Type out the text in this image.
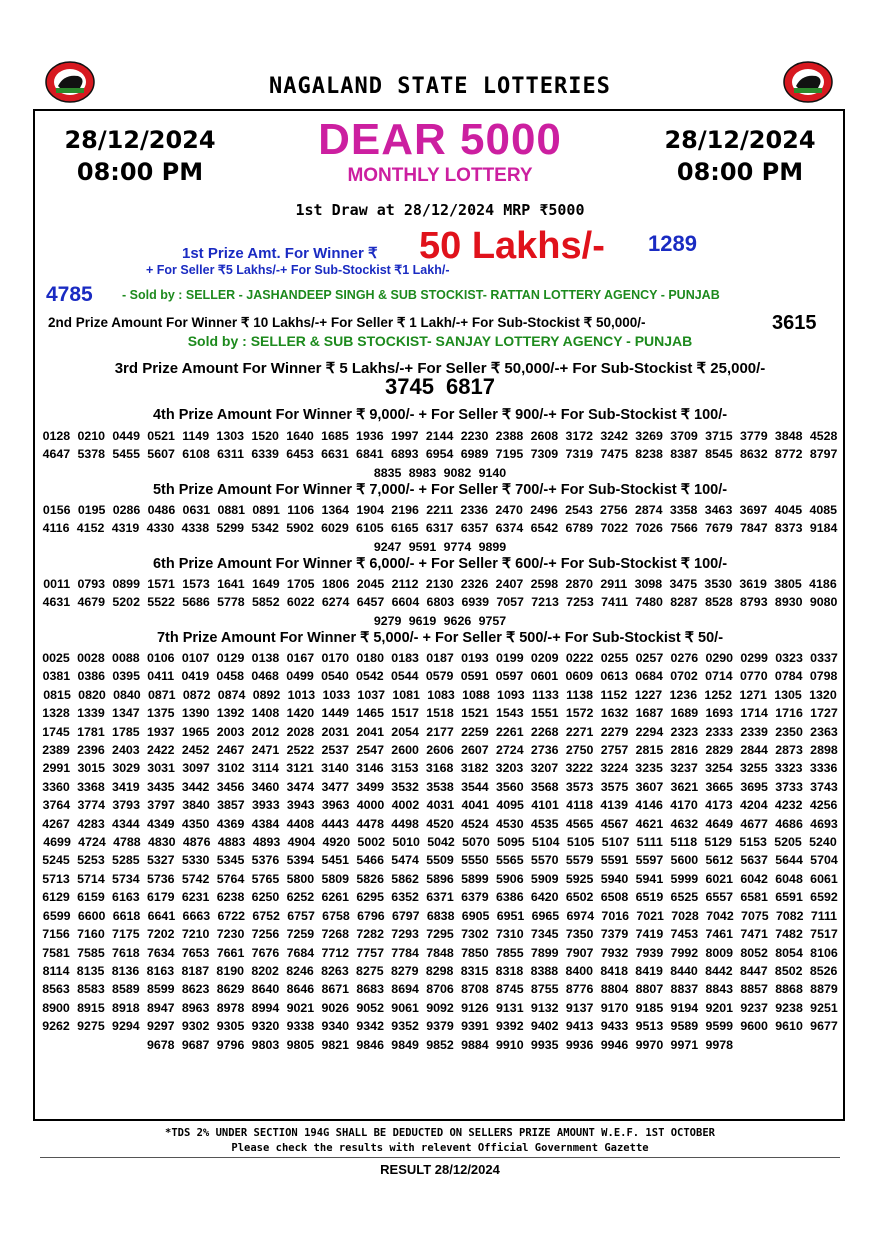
NAGALAND STATE LOTTERIES
28/12/2024
08:00 PM
28/12/2024
08:00 PM
DEAR 5000
MONTHLY LOTTERY
1st Draw at 28/12/2024 MRP ₹5000
1st Prize Amt. For Winner ₹ 50 Lakhs/- 1289
+ For Seller ₹5 Lakhs/-+ For Sub-Stockist ₹1 Lakh/-
4785 - Sold by : SELLER - JASHANDEEP SINGH & SUB STOCKIST- RATTAN LOTTERY AGENCY - PUNJAB
2nd Prize Amount For Winner ₹ 10 Lakhs/-+ For Seller ₹ 1 Lakh/-+ For Sub-Stockist ₹ 50,000/-	3615
Sold by : SELLER & SUB STOCKIST- SANJAY LOTTERY AGENCY - PUNJAB
3rd Prize Amount For Winner ₹ 5 Lakhs/-+ For Seller ₹ 50,000/-+ For Sub-Stockist ₹ 25,000/-
3745 6817
4th Prize Amount For Winner ₹ 9,000/- + For Seller ₹ 900/-+ For Sub-Stockist ₹ 100/-
0128 0210 0449 0521 1149 1303 1520 1640 1685 1936 1997 2144 2230 2388 2608 3172 3242 3269 3709 3715 3779 3848 4528 4647 5378 5455 5607 6108 6311 6339 6453 6631 6841 6893 6954 6989 7195 7309 7319 7475 8238 8387 8545 8632 8772 8797 8835 8983 9082 9140
5th Prize Amount For Winner ₹ 7,000/- + For Seller ₹ 700/-+ For Sub-Stockist ₹ 100/-
0156 0195 0286 0486 0631 0881 0891 1106 1364 1904 2196 2211 2336 2470 2496 2543 2756 2874 3358 3463 3697 4045 4085 4116 4152 4319 4330 4338 5299 5342 5902 6029 6105 6165 6317 6357 6374 6542 6789 7022 7026 7566 7679 7847 8373 9184 9247 9591 9774 9899
6th Prize Amount For Winner ₹ 6,000/- + For Seller ₹ 600/-+ For Sub-Stockist ₹ 100/-
0011 0793 0899 1571 1573 1641 1649 1705 1806 2045 2112 2130 2326 2407 2598 2870 2911 3098 3475 3530 3619 3805 4186 4631 4679 5202 5522 5686 5778 5852 6022 6274 6457 6604 6803 6939 7057 7213 7253 7411 7480 8287 8528 8793 8930 9080 9279 9619 9626 9757
7th Prize Amount For Winner ₹ 5,000/- + For Seller ₹ 500/-+ For Sub-Stockist ₹ 50/-
0025 0028 0088 0106 0107 0129 0138 0167 0170 0180 0183 0187 0193 0199 0209 0222 0255 0257 0276 0290 0299 0323 0337 0381 0386 0395 0411 0419 0458 0468 0499 0540 0542 0544 0579 0591 0597 0601 0609 0613 0684 0702 0714 0770 0784 0798 0815 0820 0840 0871 0872 0874 0892 1013 1033 1037 1081 1083 1088 1093 1133 1138 1152 1227 1236 1252 1271 1305 1320 1328 1339 1347 1375 1390 1392 1408 1420 1449 1465 1517 1518 1521 1543 1551 1572 1632 1687 1689 1693 1714 1716 1727 1745 1781 1785 1937 1965 2003 2012 2028 2031 2041 2054 2177 2259 2261 2268 2271 2279 2294 2323 2333 2339 2350 2363 2389 2396 2403 2422 2452 2467 2471 2522 2537 2547 2600 2606 2607 2724 2736 2750 2757 2815 2816 2829 2844 2873 2898 2991 3015 3029 3031 3097 3102 3114 3121 3140 3146 3153 3168 3182 3203 3207 3222 3224 3235 3237 3254 3255 3323 3336 3360 3368 3419 3435 3442 3456 3460 3474 3477 3499 3532 3538 3544 3560 3568 3573 3575 3607 3621 3665 3695 3733 3743 3764 3774 3793 3797 3840 3857 3933 3943 3963 4000 4002 4031 4041 4095 4101 4118 4139 4146 4170 4173 4204 4232 4256 4267 4283 4344 4349 4350 4369 4384 4408 4443 4478 4498 4520 4524 4530 4535 4565 4567 4621 4632 4649 4677 4686 4693 4699 4724 4788 4830 4876 4883 4893 4904 4920 5002 5010 5042 5070 5095 5104 5105 5107 5111 5118 5129 5153 5205 5240 5245 5253 5285 5327 5330 5345 5376 5394 5451 5466 5474 5509 5550 5565 5570 5579 5591 5597 5600 5612 5637 5644 5704 5713 5714 5734 5736 5742 5764 5765 5800 5809 5826 5862 5896 5899 5906 5909 5925 5940 5941 5999 6021 6042 6048 6061 6129 6159 6163 6179 6231 6238 6250 6252 6261 6295 6352 6371 6379 6386 6420 6502 6508 6519 6525 6557 6581 6591 6592 6599 6600 6618 6641 6663 6722 6752 6757 6758 6796 6797 6838 6905 6951 6965 6974 7016 7021 7028 7042 7075 7082 7111 7156 7160 7175 7202 7210 7230 7256 7259 7268 7282 7293 7295 7302 7310 7345 7350 7379 7419 7453 7461 7471 7482 7517 7581 7585 7618 7634 7653 7661 7676 7684 7712 7757 7784 7848 7850 7855 7899 7907 7932 7939 7992 8009 8052 8054 8106 8114 8135 8136 8163 8187 8190 8202 8246 8263 8275 8279 8298 8315 8318 8388 8400 8418 8419 8440 8442 8447 8502 8526 8563 8583 8589 8599 8623 8629 8640 8646 8671 8683 8694 8706 8708 8745 8755 8776 8804 8807 8837 8843 8857 8868 8879 8900 8915 8918 8947 8963 8978 8994 9021 9026 9052 9061 9092 9126 9131 9132 9137 9170 9185 9194 9201 9237 9238 9251 9262 9275 9294 9297 9302 9305 9320 9338 9340 9342 9352 9379 9391 9392 9402 9413 9433 9513 9589 9599 9600 9610 9677 9678 9687 9796 9803 9805 9821 9846 9849 9852 9884 9910 9935 9936 9946 9970 9971 9978
*TDS 2% UNDER SECTION 194G SHALL BE DEDUCTED ON SELLERS PRIZE AMOUNT W.E.F. 1ST OCTOBER
Please check the results with relevent Official Government Gazette
RESULT 28/12/2024
